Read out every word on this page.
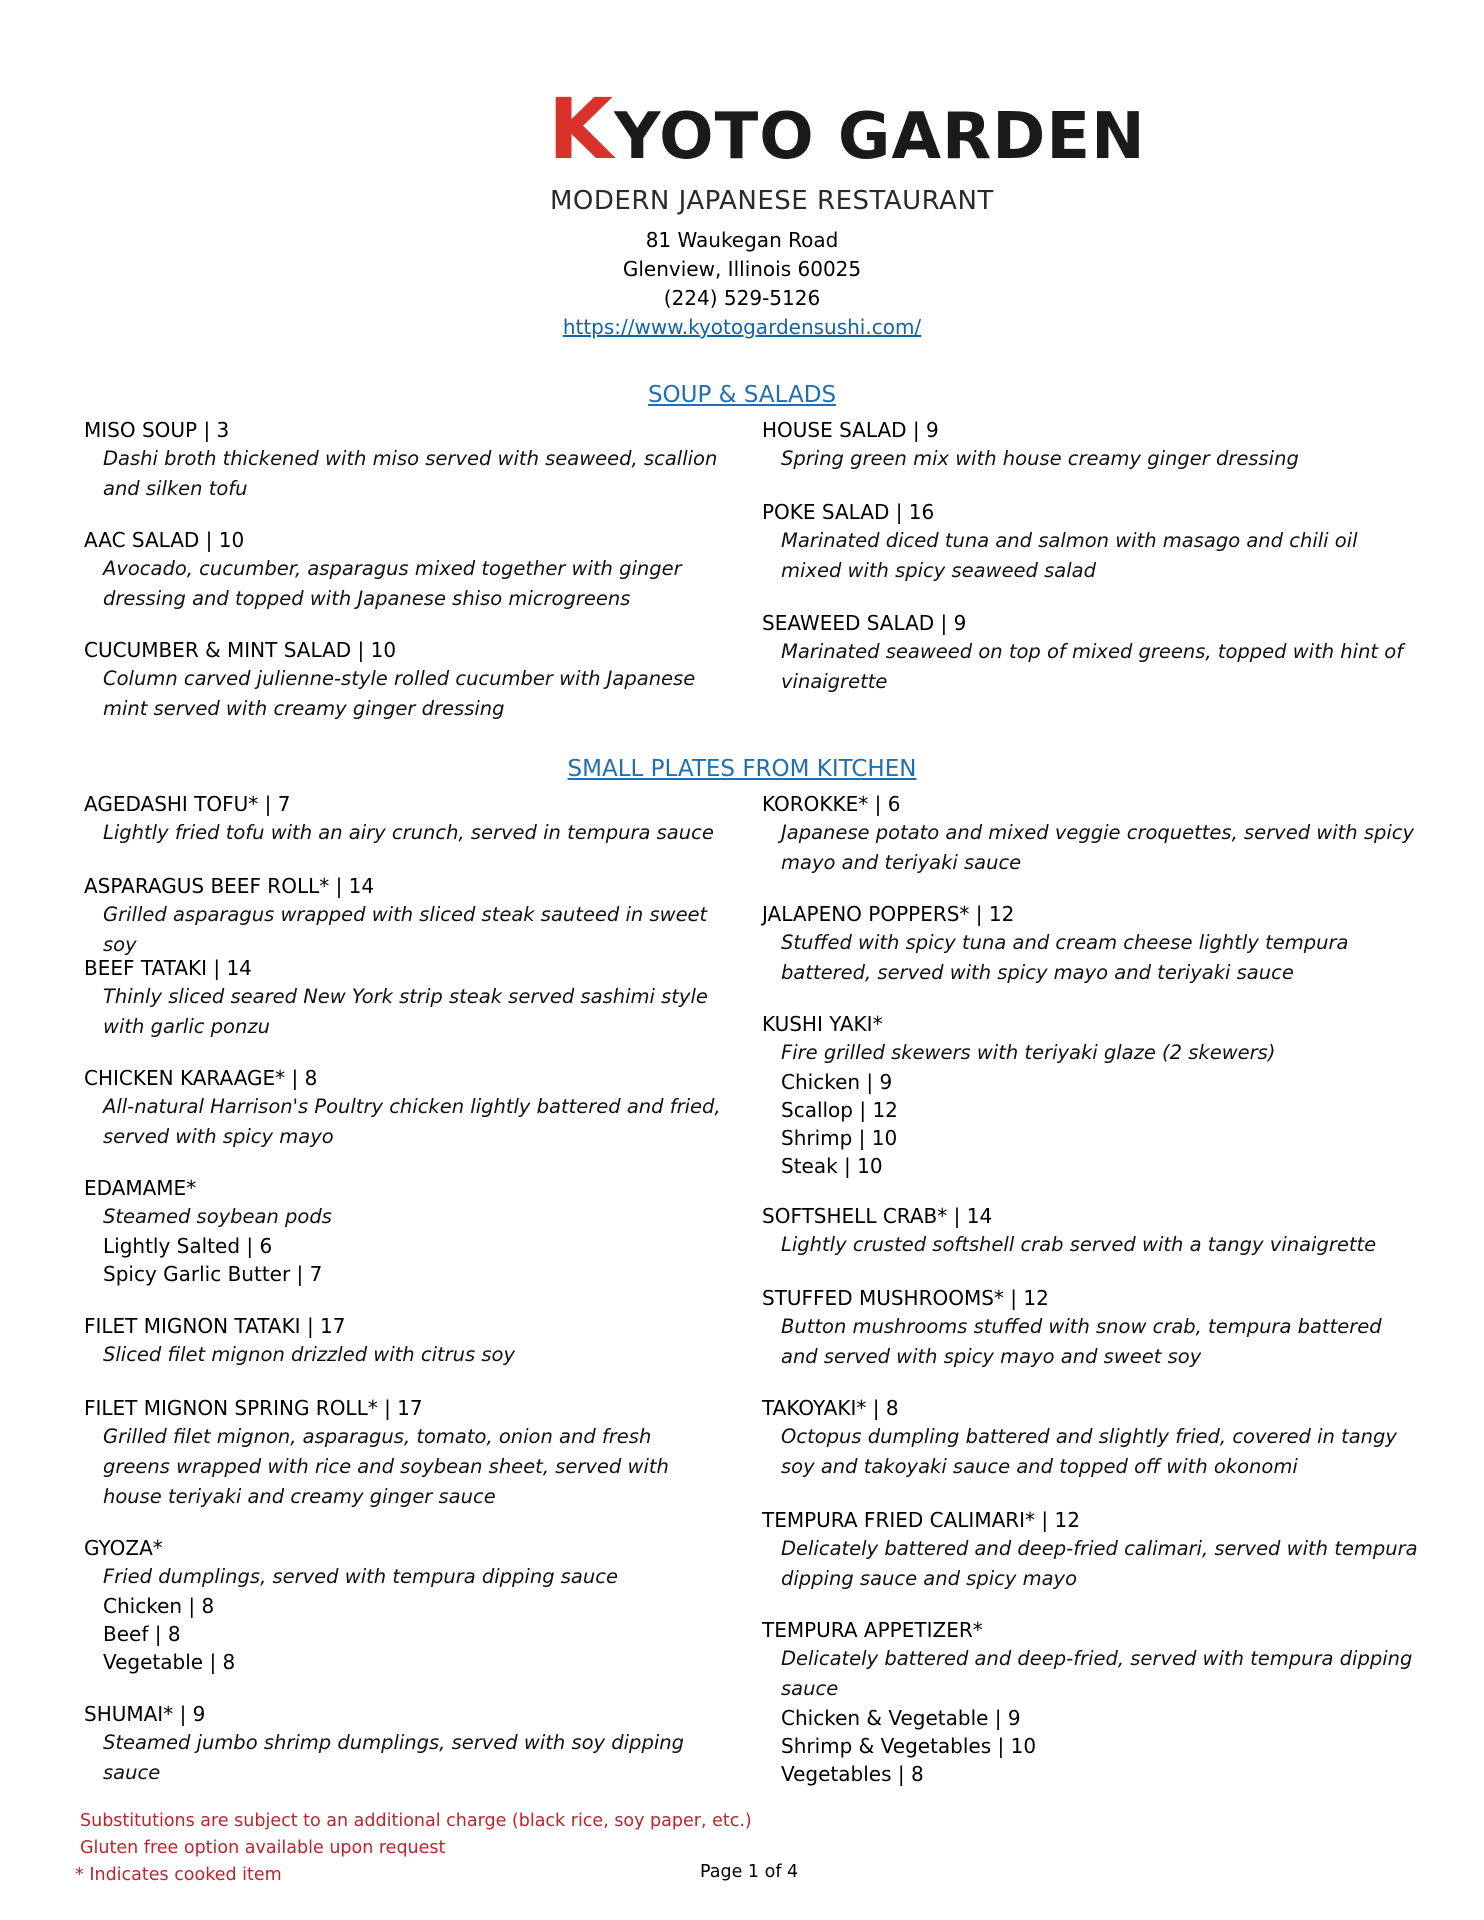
KYOTO GARDEN
MODERN JAPANESE RESTAURANT
81 Waukegan Road
Glenview, Illinois 60025
(224) 529-5126
https://www.kyotogardensushi.com/
SOUP & SALADS
MISO SOUP | 3
Dashi broth thickened with miso served with seaweed, scallion and silken tofu
AAC SALAD | 10
Avocado, cucumber, asparagus mixed together with ginger dressing and topped with Japanese shiso microgreens
CUCUMBER & MINT SALAD | 10
Column carved julienne-style rolled cucumber with Japanese mint served with creamy ginger dressing
HOUSE SALAD | 9
Spring green mix with house creamy ginger dressing
POKE SALAD | 16
Marinated diced tuna and salmon with masago and chili oil mixed with spicy seaweed salad
SEAWEED SALAD | 9
Marinated seaweed on top of mixed greens, topped with hint of vinaigrette
SMALL PLATES FROM KITCHEN
AGEDASHI TOFU* | 7
Lightly fried tofu with an airy crunch, served in tempura sauce
ASPARAGUS BEEF ROLL* | 14
Grilled asparagus wrapped with sliced steak sauteed in sweet soy
BEEF TATAKI | 14
Thinly sliced seared New York strip steak served sashimi style with garlic ponzu
CHICKEN KARAAGE* | 8
All-natural Harrison's Poultry chicken lightly battered and fried, served with spicy mayo
EDAMAME*
Steamed soybean pods
Lightly Salted | 6
Spicy Garlic Butter | 7
FILET MIGNON TATAKI | 17
Sliced filet mignon drizzled with citrus soy
FILET MIGNON SPRING ROLL* | 17
Grilled filet mignon, asparagus, tomato, onion and fresh greens wrapped with rice and soybean sheet, served with house teriyaki and creamy ginger sauce
GYOZA*
Fried dumplings, served with tempura dipping sauce
Chicken | 8
Beef | 8
Vegetable | 8
SHUMAI* | 9
Steamed jumbo shrimp dumplings, served with soy dipping sauce
KOROKKE* | 6
Japanese potato and mixed veggie croquettes, served with spicy mayo and teriyaki sauce
JALAPENO POPPERS* | 12
Stuffed with spicy tuna and cream cheese lightly tempura battered, served with spicy mayo and teriyaki sauce
KUSHI YAKI*
Fire grilled skewers with teriyaki glaze (2 skewers)
Chicken | 9
Scallop | 12
Shrimp | 10
Steak | 10
SOFTSHELL CRAB* | 14
Lightly crusted softshell crab served with a tangy vinaigrette
STUFFED MUSHROOMS* | 12
Button mushrooms stuffed with snow crab, tempura battered and served with spicy mayo and sweet soy
TAKOYAKI* | 8
Octopus dumpling battered and slightly fried, covered in tangy soy and takoyaki sauce and topped off with okonomi
TEMPURA FRIED CALIMARI* | 12
Delicately battered and deep-fried calimari, served with tempura dipping sauce and spicy mayo
TEMPURA APPETIZER*
Delicately battered and deep-fried, served with tempura dipping sauce
Chicken & Vegetable | 9
Shrimp & Vegetables | 10
Vegetables | 8
Substitutions are subject to an additional charge (black rice, soy paper, etc.)
Gluten free option available upon request
* Indicates cooked item	Page 1 of 4
